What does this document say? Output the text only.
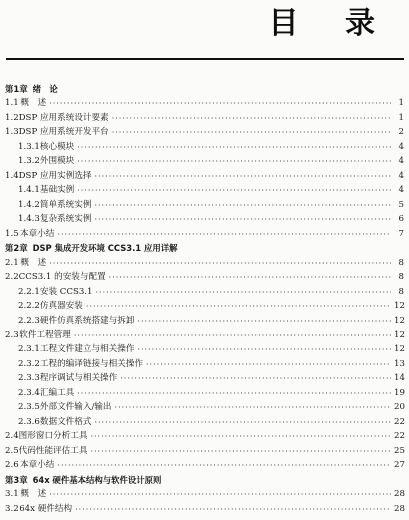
目 录
第1章 绪　论
1.1 概　述 ·····	1
1.2 DSP 应用系统设计要素 ·····	1
1.3 DSP 应用系统开发平台 ·····	2
1.3.1 核心模块 ·····	4
1.3.2 外围模块 ·····	4
1.4 DSP 应用实例选择 ·····	4
1.4.1 基础实例 ·····	4
1.4.2 简单系统实例 ·····	5
1.4.3 复杂系统实例 ·····	6
1.5 本章小结 ·····	7
第2章 DSP 集成开发环境 CCS3.1 应用详解
2.1 概　述 ·····	8
2.2 CCS3.1 的安装与配置 ·····	8
2.2.1 安装 CCS3.1 ·····	8
2.2.2 仿真器安装 ·····	12
2.2.3 硬件仿真系统搭建与拆卸 ·····	12
2.3 软件工程管理 ·····	12
2.3.1 工程文件建立与相关操作 ·····	12
2.3.2 工程的编译链接与相关操作 ·····	13
2.3.3 程序调试与相关操作 ·····	14
2.3.4 汇编工具 ·····	19
2.3.5 外部文件输入/输出 ·····	20
2.3.6 数据文件格式 ·····	22
2.4 图形窗口分析工具 ·····	22
2.5 代码性能评估工具 ·····	25
2.6 本章小结 ·····	27
第3章 64x 硬件基本结构与软件设计原则
3.1 概　述 ·····	28
3.2 64x 硬件结构 ·····	28
